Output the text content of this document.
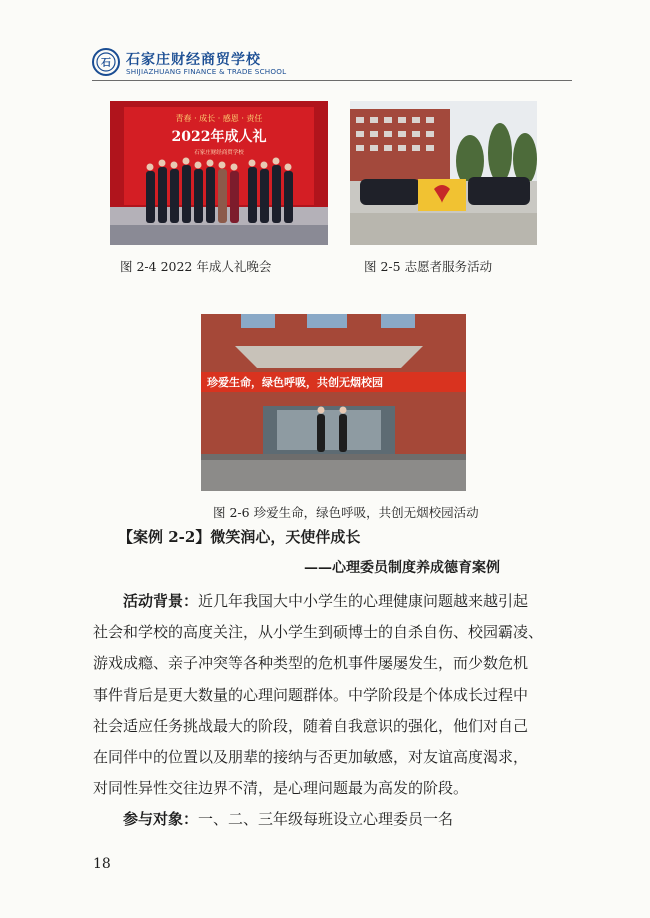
石 石家庄财经商贸学校
SHIJIAZHUANG FINANCE & TRADE SCHOOL
青春 · 成长 · 感恩 · 责任
2022年成人礼
石家庄财经商贸学校
图 2-4 2022 年成人礼晚会	图 2-5 志愿者服务活动
珍爱生命，绿色呼吸，共创无烟校园
图 2-6 珍爱生命，绿色呼吸，共创无烟校园活动
【案例 2-2】微笑润心，天使伴成长
——心理委员制度养成德育案例

活动背景：近几年我国大中小学生的心理健康问题越来越引起

社会和学校的高度关注，从小学生到硕博士的自杀自伤、校园霸凌、

游戏成瘾、亲子冲突等各种类型的危机事件屡屡发生，而少数危机

事件背后是更大数量的心理问题群体。中学阶段是个体成长过程中

社会适应任务挑战最大的阶段，随着自我意识的强化，他们对自己

在同伴中的位置以及朋辈的接纳与否更加敏感，对友谊高度渴求，

对同性异性交往边界不清，是心理问题最为高发的阶段。

参与对象：一、二、三年级每班设立心理委员一名

18
